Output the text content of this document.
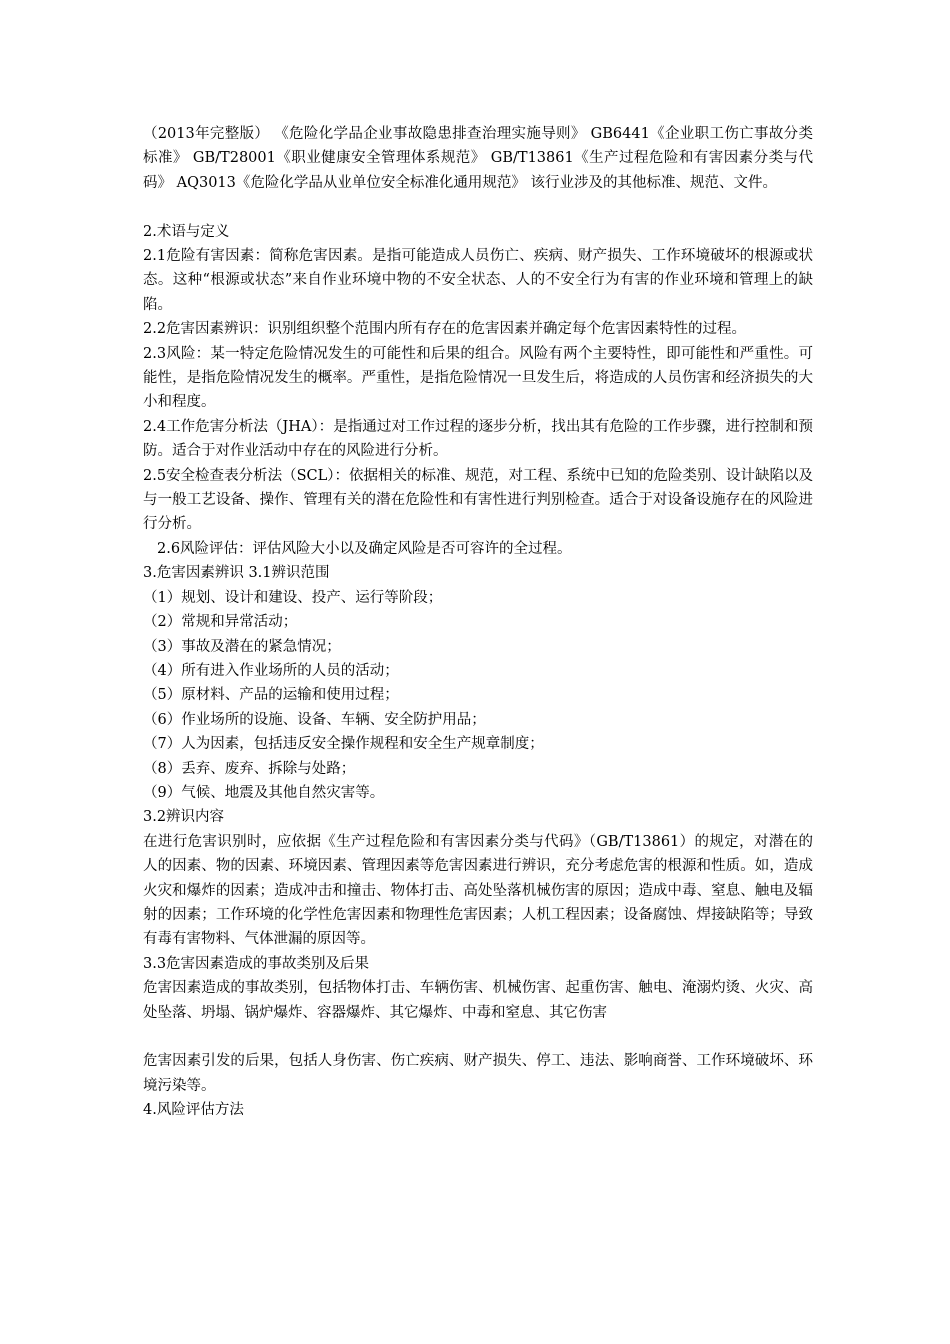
（2013年完整版） 《危险化学品企业事故隐患排查治理实施导则》 GB6441《企业职工伤亡事故分类标准》 GB/T28001《职业健康安全管理体系规范》 GB/T13861《生产过程危险和有害因素分类与代码》 AQ3013《危险化学品从业单位安全标准化通用规范》 该行业涉及的其他标准、规范、文件。

2.术语与定义

2.1危险有害因素：简称危害因素。是指可能造成人员伤亡、疾病、财产损失、工作环境破坏的根源或状态。这种“根源或状态”来自作业环境中物的不安全状态、人的不安全行为有害的作业环境和管理上的缺陷。

2.2危害因素辨识：识别组织整个范围内所有存在的危害因素并确定每个危害因素特性的过程。

2.3风险：某一特定危险情况发生的可能性和后果的组合。风险有两个主要特性，即可能性和严重性。可能性，是指危险情况发生的概率。严重性，是指危险情况一旦发生后，将造成的人员伤害和经济损失的大小和程度。

2.4工作危害分析法（JHA）：是指通过对工作过程的逐步分析，找出其有危险的工作步骤，进行控制和预防。适合于对作业活动中存在的风险进行分析。

2.5安全检查表分析法（SCL）：依据相关的标准、规范，对工程、系统中已知的危险类别、设计缺陷以及与一般工艺设备、操作、管理有关的潜在危险性和有害性进行判别检查。适合于对设备设施存在的风险进行分析。

2.6风险评估：评估风险大小以及确定风险是否可容许的全过程。

3.危害因素辨识 3.1辨识范围

（1）规划、设计和建设、投产、运行等阶段；

（2）常规和异常活动；

（3）事故及潜在的紧急情况；

（4）所有进入作业场所的人员的活动；

（5）原材料、产品的运输和使用过程；

（6）作业场所的设施、设备、车辆、安全防护用品；

（7）人为因素，包括违反安全操作规程和安全生产规章制度；

（8）丢弃、废弃、拆除与处路；

（9）气候、地震及其他自然灾害等。

3.2辨识内容

在进行危害识别时，应依据《生产过程危险和有害因素分类与代码》（GB/T13861）的规定，对潜在的人的因素、物的因素、环境因素、管理因素等危害因素进行辨识，充分考虑危害的根源和性质。如，造成火灾和爆炸的因素；造成冲击和撞击、物体打击、高处坠落机械伤害的原因；造成中毒、窒息、触电及辐射的因素；工作环境的化学性危害因素和物理性危害因素；人机工程因素；设备腐蚀、焊接缺陷等；导致有毒有害物料、气体泄漏的原因等。

3.3危害因素造成的事故类别及后果

危害因素造成的事故类别，包括物体打击、车辆伤害、机械伤害、起重伤害、触电、淹溺灼烫、火灾、高处坠落、坍塌、锅炉爆炸、容器爆炸、其它爆炸、中毒和窒息、其它伤害

危害因素引发的后果，包括人身伤害、伤亡疾病、财产损失、停工、违法、影响商誉、工作环境破坏、环境污染等。

4.风险评估方法
